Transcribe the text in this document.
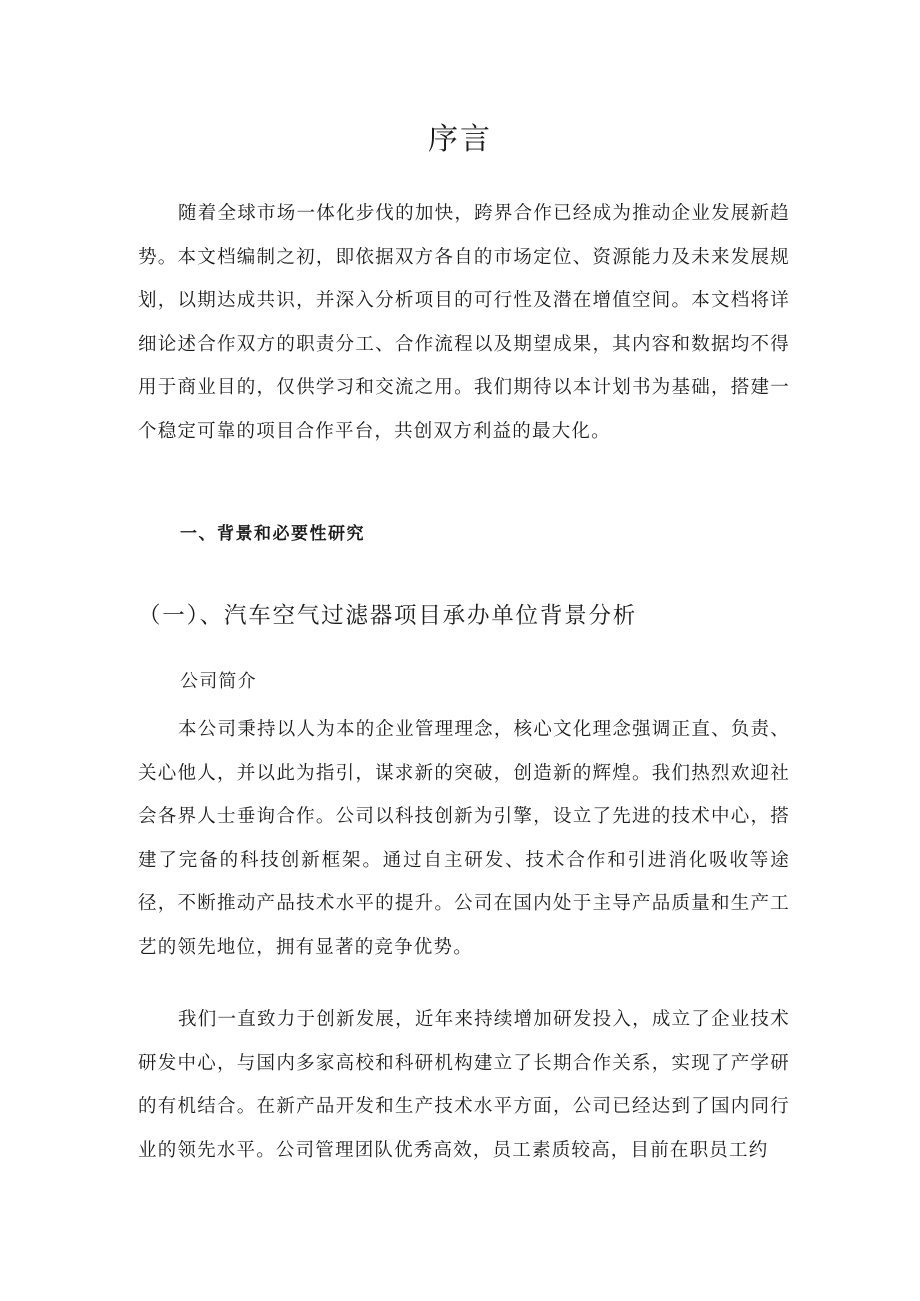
序言

随着全球市场一体化步伐的加快，跨界合作已经成为推动企业发展新趋势。本文档编制之初，即依据双方各自的市场定位、资源能力及未来发展规划，以期达成共识，并深入分析项目的可行性及潜在增值空间。本文档将详细论述合作双方的职责分工、合作流程以及期望成果，其内容和数据均不得用于商业目的，仅供学习和交流之用。我们期待以本计划书为基础，搭建一个稳定可靠的项目合作平台，共创双方利益的最大化。

一、背景和必要性研究
（一）、汽车空气过滤器项目承办单位背景分析

公司简介

本公司秉持以人为本的企业管理理念，核心文化理念强调正直、负责、关心他人，并以此为指引，谋求新的突破，创造新的辉煌。我们热烈欢迎社会各界人士垂询合作。公司以科技创新为引擎，设立了先进的技术中心，搭建了完备的科技创新框架。通过自主研发、技术合作和引进消化吸收等途径，不断推动产品技术水平的提升。公司在国内处于主导产品质量和生产工艺的领先地位，拥有显著的竞争优势。

我们一直致力于创新发展，近年来持续增加研发投入，成立了企业技术研发中心，与国内多家高校和科研机构建立了长期合作关系，实现了产学研的有机结合。在新产品开发和生产技术水平方面，公司已经达到了国内同行业的领先水平。公司管理团队优秀高效，员工素质较高，目前在职员工约
